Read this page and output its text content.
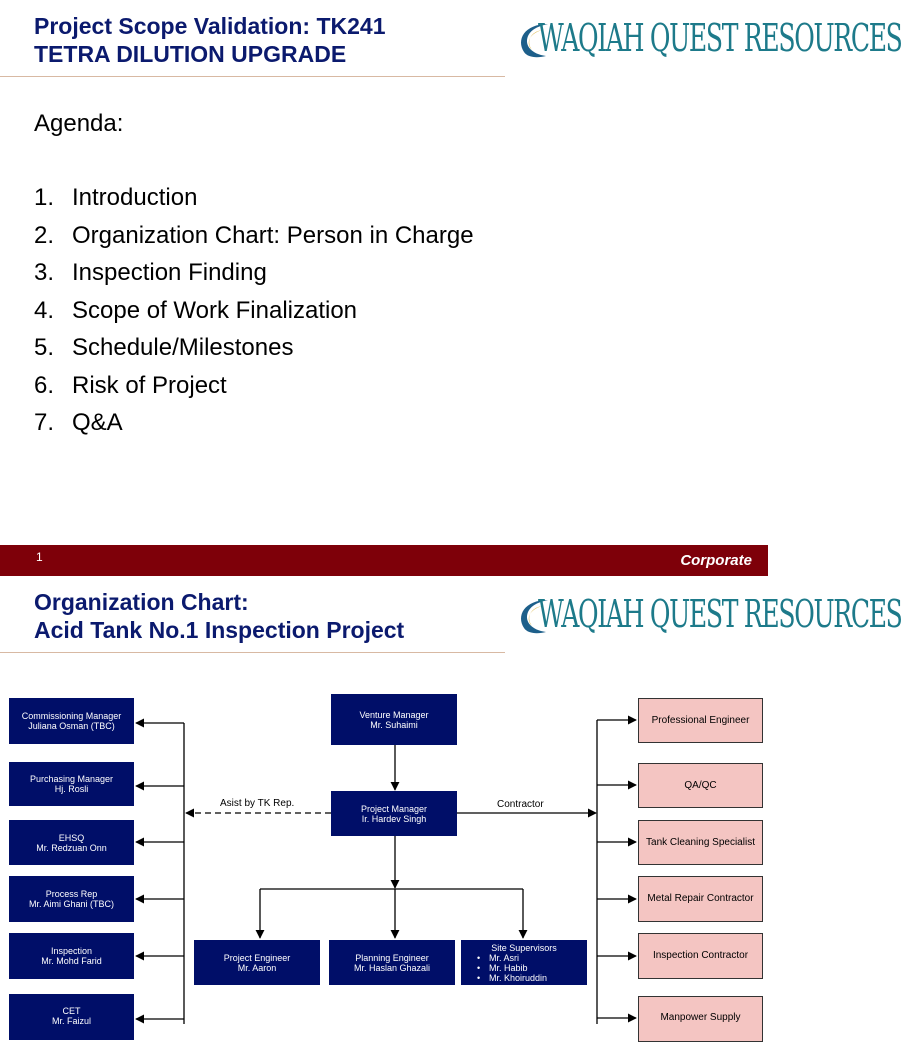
Project Scope Validation: TK241
TETRA DILUTION UPGRADE	WAQIAH QUEST RESOURCES
Agenda:
1. Introduction
2. Organization Chart: Person in Charge
3. Inspection Finding
4. Scope of Work Finalization
5. Schedule/Milestones
6. Risk of Project
7. Q&A
1	Corporate
Organization Chart:
Acid Tank No.1 Inspection Project	WAQIAH QUEST RESOURCES
Commissioning Manager
Juliana Osman (TBC)
Purchasing Manager
Hj. Rosli
EHSQ
Mr. Redzuan Onn
Process Rep
Mr. Aimi Ghani (TBC)
Inspection
Mr. Mohd Farid
CET
Mr. Faizul
Venture Manager
Mr. Suhaimi
Project Manager
Ir. Hardev Singh
Asist by TK Rep.	Contractor
Project Engineer
Mr. Aaron
Planning Engineer
Mr. Haslan Ghazali
Site Supervisors
• Mr. Asri
• Mr. Habib
• Mr. Khoiruddin
Professional Engineer
QA/QC
Tank Cleaning Specialist
Metal Repair Contractor
Inspection Contractor
Manpower Supply
